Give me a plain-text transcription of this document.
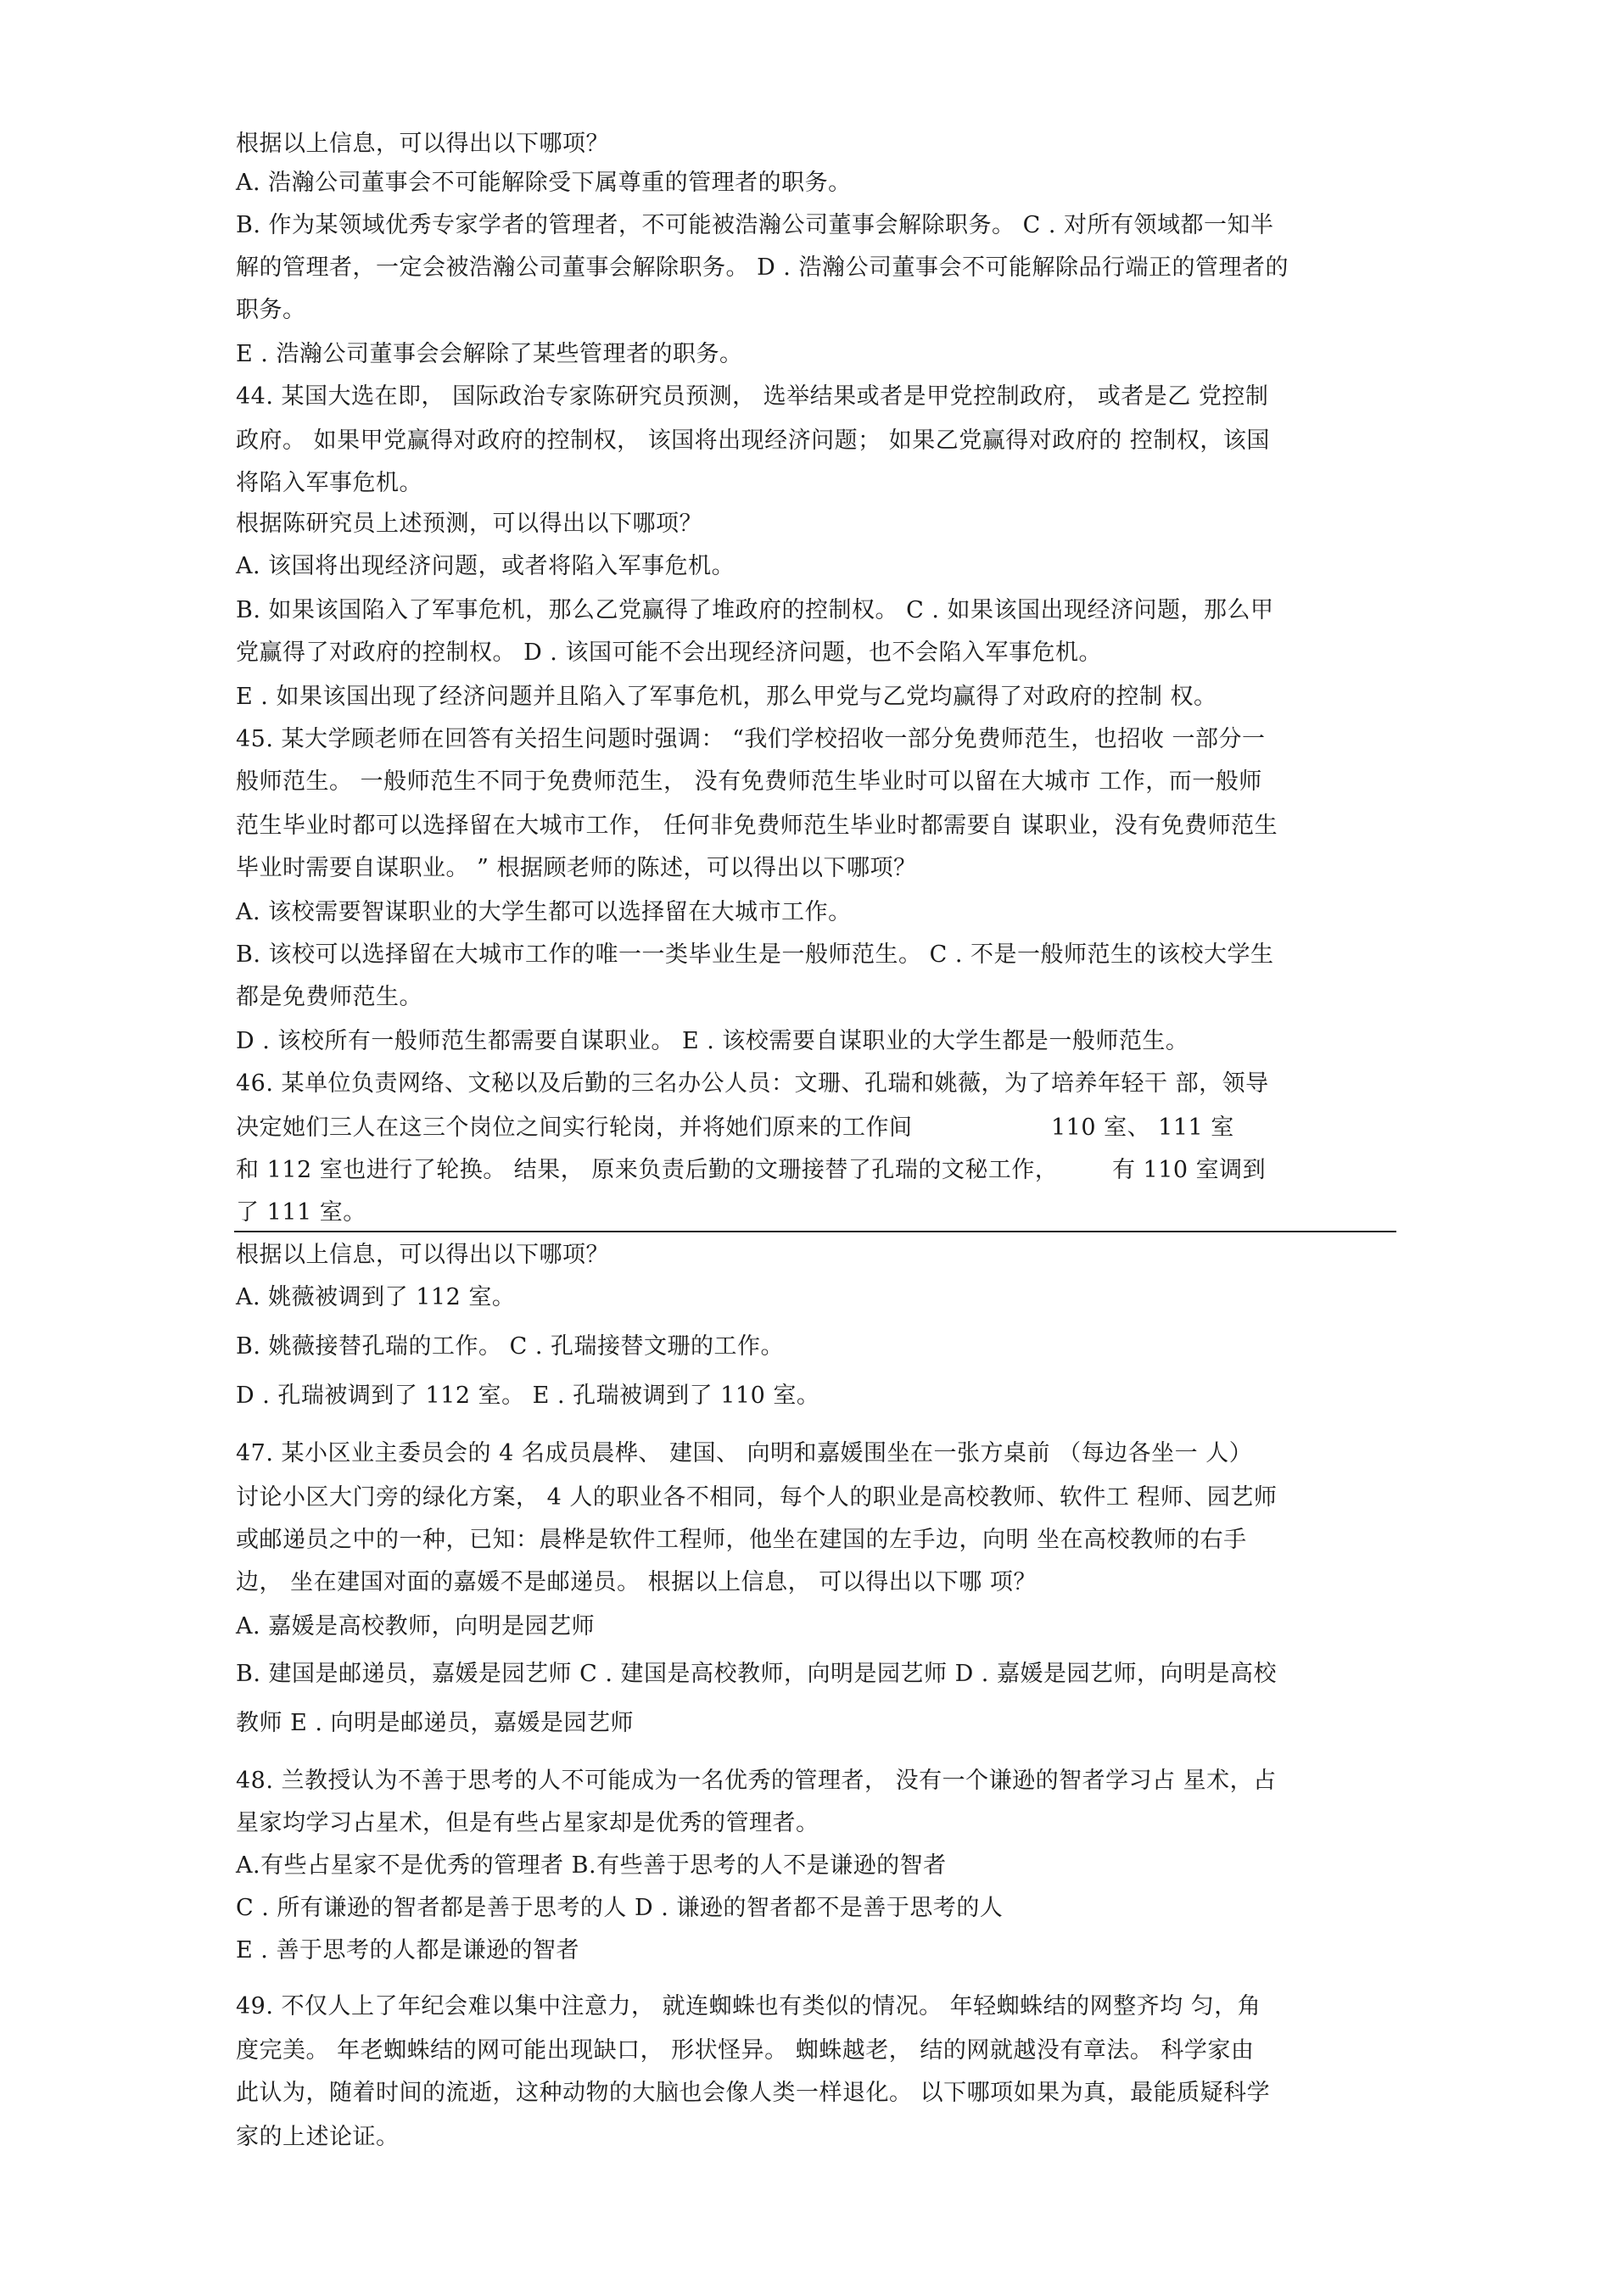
根据以上信息，可以得出以下哪项？
A. 浩瀚公司董事会不可能解除受下属尊重的管理者的职务。
B. 作为某领域优秀专家学者的管理者，不可能被浩瀚公司董事会解除职务。 C . 对所有领域都一知半
解的管理者，一定会被浩瀚公司董事会解除职务。 D . 浩瀚公司董事会不可能解除品行端正的管理者的
职务。
E . 浩瀚公司董事会会解除了某些管理者的职务。
44. 某国大选在即， 国际政治专家陈研究员预测， 选举结果或者是甲党控制政府， 或者是乙 党控制
政府。 如果甲党赢得对政府的控制权， 该国将出现经济问题； 如果乙党赢得对政府的 控制权，该国
将陷入军事危机。
根据陈研究员上述预测，可以得出以下哪项？
A. 该国将出现经济问题，或者将陷入军事危机。
B. 如果该国陷入了军事危机，那么乙党赢得了堆政府的控制权。 C . 如果该国出现经济问题，那么甲
党赢得了对政府的控制权。 D . 该国可能不会出现经济问题，也不会陷入军事危机。
E . 如果该国出现了经济问题并且陷入了军事危机，那么甲党与乙党均赢得了对政府的控制 权。
45. 某大学顾老师在回答有关招生问题时强调： “我们学校招收一部分免费师范生，也招收 一部分一
般师范生。 一般师范生不同于免费师范生， 没有免费师范生毕业时可以留在大城市 工作，而一般师
范生毕业时都可以选择留在大城市工作， 任何非免费师范生毕业时都需要自 谋职业，没有免费师范生
毕业时需要自谋职业。 ” 根据顾老师的陈述，可以得出以下哪项？
A. 该校需要智谋职业的大学生都可以选择留在大城市工作。
B. 该校可以选择留在大城市工作的唯一一类毕业生是一般师范生。 C . 不是一般师范生的该校大学生
都是免费师范生。
D . 该校所有一般师范生都需要自谋职业。 E . 该校需要自谋职业的大学生都是一般师范生。
46. 某单位负责网络、文秘以及后勤的三名办公人员：文珊、孔瑞和姚薇，为了培养年轻干 部，领导
决定她们三人在这三个岗位之间实行轮岗，并将她们原来的工作间                  110 室、 111 室
和 112 室也进行了轮换。 结果， 原来负责后勤的文珊接替了孔瑞的文秘工作，       有 110 室调到
了 111 室。
根据以上信息，可以得出以下哪项？
A. 姚薇被调到了 112 室。
B. 姚薇接替孔瑞的工作。 C . 孔瑞接替文珊的工作。
D . 孔瑞被调到了 112 室。 E . 孔瑞被调到了 110 室。
47. 某小区业主委员会的 4 名成员晨桦、 建国、 向明和嘉媛围坐在一张方桌前 （每边各坐一 人）
讨论小区大门旁的绿化方案， 4 人的职业各不相同，每个人的职业是高校教师、软件工 程师、园艺师
或邮递员之中的一种，已知：晨桦是软件工程师，他坐在建国的左手边，向明 坐在高校教师的右手
边， 坐在建国对面的嘉媛不是邮递员。 根据以上信息， 可以得出以下哪 项？
A. 嘉媛是高校教师，向明是园艺师
B. 建国是邮递员，嘉媛是园艺师 C . 建国是高校教师，向明是园艺师 D . 嘉媛是园艺师，向明是高校
教师 E . 向明是邮递员，嘉媛是园艺师
48. 兰教授认为不善于思考的人不可能成为一名优秀的管理者， 没有一个谦逊的智者学习占 星术，占
星家均学习占星术，但是有些占星家却是优秀的管理者。
A.有些占星家不是优秀的管理者 B.有些善于思考的人不是谦逊的智者
C . 所有谦逊的智者都是善于思考的人 D . 谦逊的智者都不是善于思考的人
E . 善于思考的人都是谦逊的智者
49. 不仅人上了年纪会难以集中注意力， 就连蜘蛛也有类似的情况。 年轻蜘蛛结的网整齐均 匀，角
度完美。 年老蜘蛛结的网可能出现缺口， 形状怪异。 蜘蛛越老， 结的网就越没有章法。 科学家由
此认为，随着时间的流逝，这种动物的大脑也会像人类一样退化。 以下哪项如果为真，最能质疑科学
家的上述论证。
